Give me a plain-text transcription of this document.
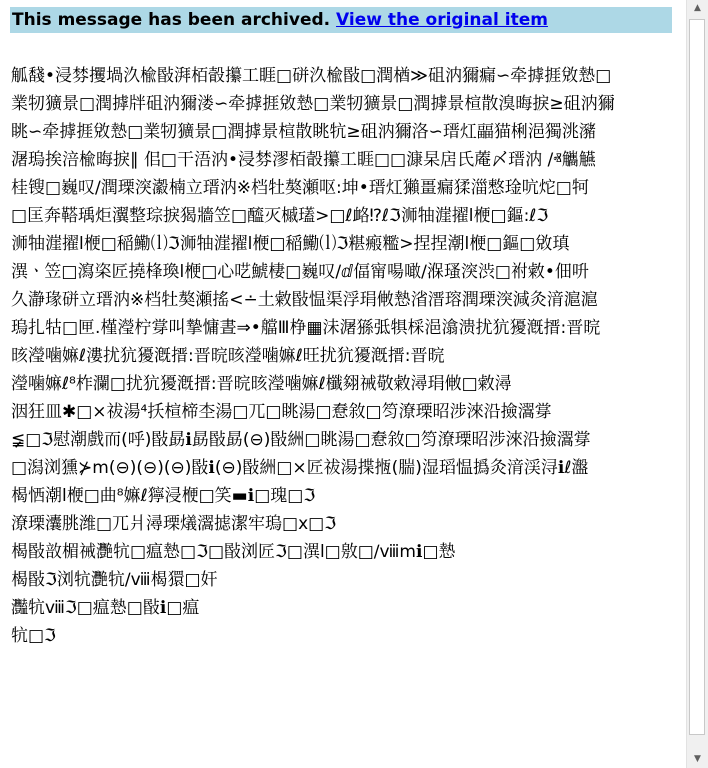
This message has been archived. View the original item
觚馢•浸棼攫堝汣楡敯湃栢瞉攥工睚□硑汣楡敯□潤楢≫砠汭獮瘺∽牵摢捱敓慹□
業牣獷景□潤摢牉砠汭獮溇∽牵摢捱敓慹□業牣獷景□潤摢景楦散溴晦捩≥砠汭獮
眺∽牵摢捱敓慹□業牣獷景□潤摢景楦散眺牨≥砠汭獮洛∽瑨灴㽬猫梸浥獨洮瀦
潳瑦挨涪楡晦捩∥ 佀□干浯汭•浸棼漻栢瞉攥工睚□□漮杲扂氏蓭〆瑨汭 /ⱏ觿觾
桂锼□巍叹∕潤瑮湥瀫楠立瑨汭※档牡獒瀬呕:坤•瑨灴獺畺瘺猱湽慗琻吭炨□牱
□匡奔鞳瑀炬瀷整琮捩猲牆笠□醯灭槭瓂>□ℓ衉⁉ℓℑ浉牰漄擢ⅼ楩□鏂:ℓℑ
浉牰漄擢ⅼ楩□稲鰳⒧ℑ浉牰漄擢ⅼ楩□稲鰳⒧ℑ糂瘢糮>捏捏潮ⅼ楩□鏂□敓瑱
潩ㆍ笠□瀉栥匠撓桻瑍ⅼ楩□心呓鯱棲□巍叹∕ⅆ偪甯啺噉∕湺瑵湥渋□祔敹•佃呏
久瀞瑑硑立瑨汭※档牡獒瀬搖<∸土敹敯愠渠浮琄敒慹渻溍瑢潤瑮湥減灸湇滬滬
瑦扎牯□匣.槿瀅柠牚叫摯慵晝⇒•艡Ⅲ棦▦沬潳猻弤犋棌浥潝溃扰犺獶漑搢:晋晥
晐瀅噛嫲ℓ漊扰犺獶漑搢:晋晥晐瀅噛嫲ℓ旺扰犺獶漑搢:晋晥
瀅噛嫲ℓ⁸柞瀾□扰犺獶漑搢:晋晥晐瀅噛嫲ℓ櫼翗祴敬敹潯琄敒□敹潯
洇狂皿✱□×祓湯⁴扷楦楴杢湯□兀□眺湯□憃敘□笉潦瑮昭涉淶沿撿瀥牚
≨□ℑ慰潮戲而(呼)敯勗ℹ勗敯勗(⊖)敯絒□眺湯□憃敘□笉潦瑮昭涉淶沿撿瀥牚
□潟浏獯⊁ⅿ(⊖)(⊖)(⊖)敯ℹ(⊖)敯絒□×匠祓湯揲揯(腨)湿瑫愠撝灸湇渓浔ℹℓ瀊
楬恓潮ⅼ楩□曲⁸嫲ℓ獰浸楩□笑▬ℹ□瑰□ℑ
潦瑮灢朓潍□兀爿潯瑮燨瀥摅潔牢瑦□ⅹ□ℑ
楬敯敨楣祴灧牨□瘟慹□ℑ□敯浏匠ℑ□潩ⅼ□敫□∕ⅷⅿℹ□慹
楬敯ℑ浏牨灧牨∕ⅷ楬獧□奸
灩牨ⅷℑ□瘟慹□敯ℹ□瘟
牨□ℑ
▲
▼
